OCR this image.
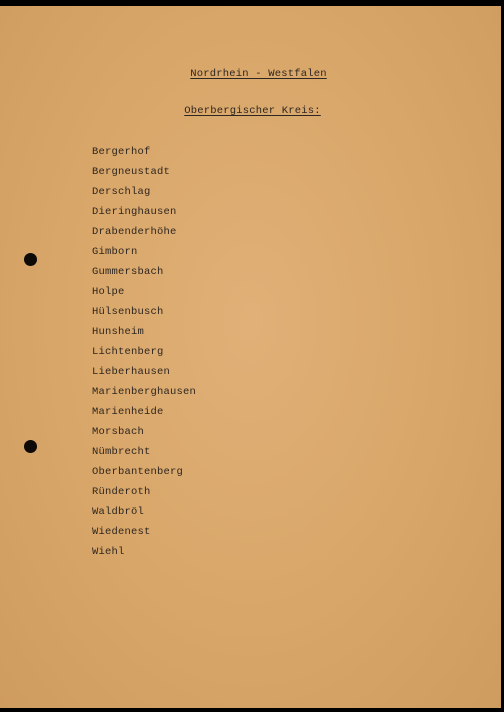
Nordrhein - Westfalen
Oberbergischer Kreis:
Bergerhof
Bergneustadt
Derschlag
Dieringhausen
Drabenderhöhe
Gimborn
Gummersbach
Holpe
Hülsenbusch
Hunsheim
Lichtenberg
Lieberhausen
Marienberghausen
Marienheide
Morsbach
Nümbrecht
Oberbantenberg
Ründeroth
Waldbröl
Wiedenest
Wiehl
